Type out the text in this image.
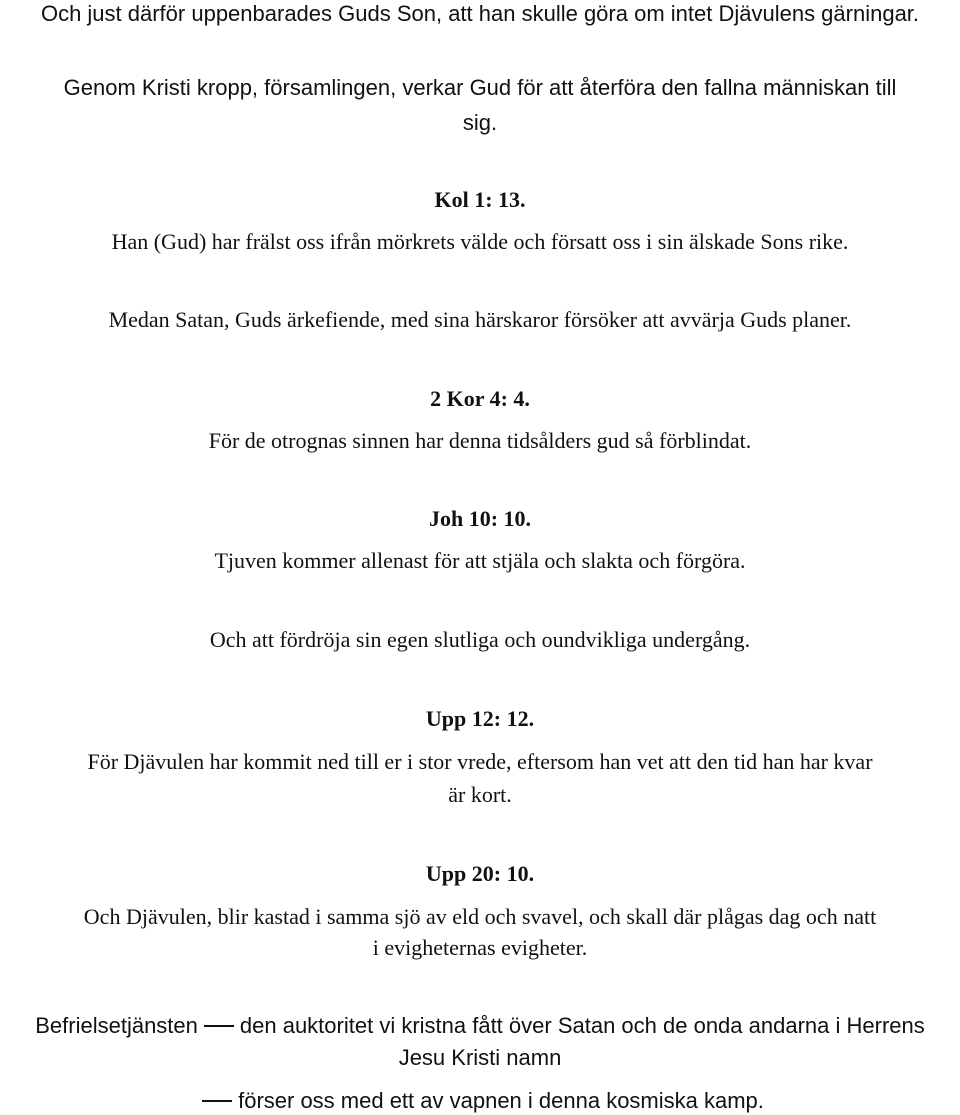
Och just därför uppenbarades Guds Son, att han skulle göra om intet Djävulens gärningar.
Genom Kristi kropp, församlingen, verkar Gud för att återföra den fallna människan till
sig.
Kol 1: 13.
Han (Gud) har frälst oss ifrån mörkrets välde och försatt oss i sin älskade Sons rike.
Medan Satan, Guds ärkefiende, med sina härskaror försöker att avvärja Guds planer.
2 Kor 4: 4.
För de otrognas sinnen har denna tidsålders gud så förblindat.
Joh 10: 10.
Tjuven kommer allenast för att stjäla och slakta och förgöra.
Och att fördröja sin egen slutliga och oundvikliga undergång.
Upp 12: 12.
För Djävulen har kommit ned till er i stor vrede, eftersom han vet att den tid han har kvar
är kort.
Upp 20: 10.
Och Djävulen, blir kastad i samma sjö av eld och svavel, och skall där plågas dag och natt
i evigheternas evigheter.
Befrielsetjänsten den auktoritet vi kristna fått över Satan och de onda andarna i Herrens
Jesu Kristi namn
förser oss med ett av vapnen i denna kosmiska kamp.
